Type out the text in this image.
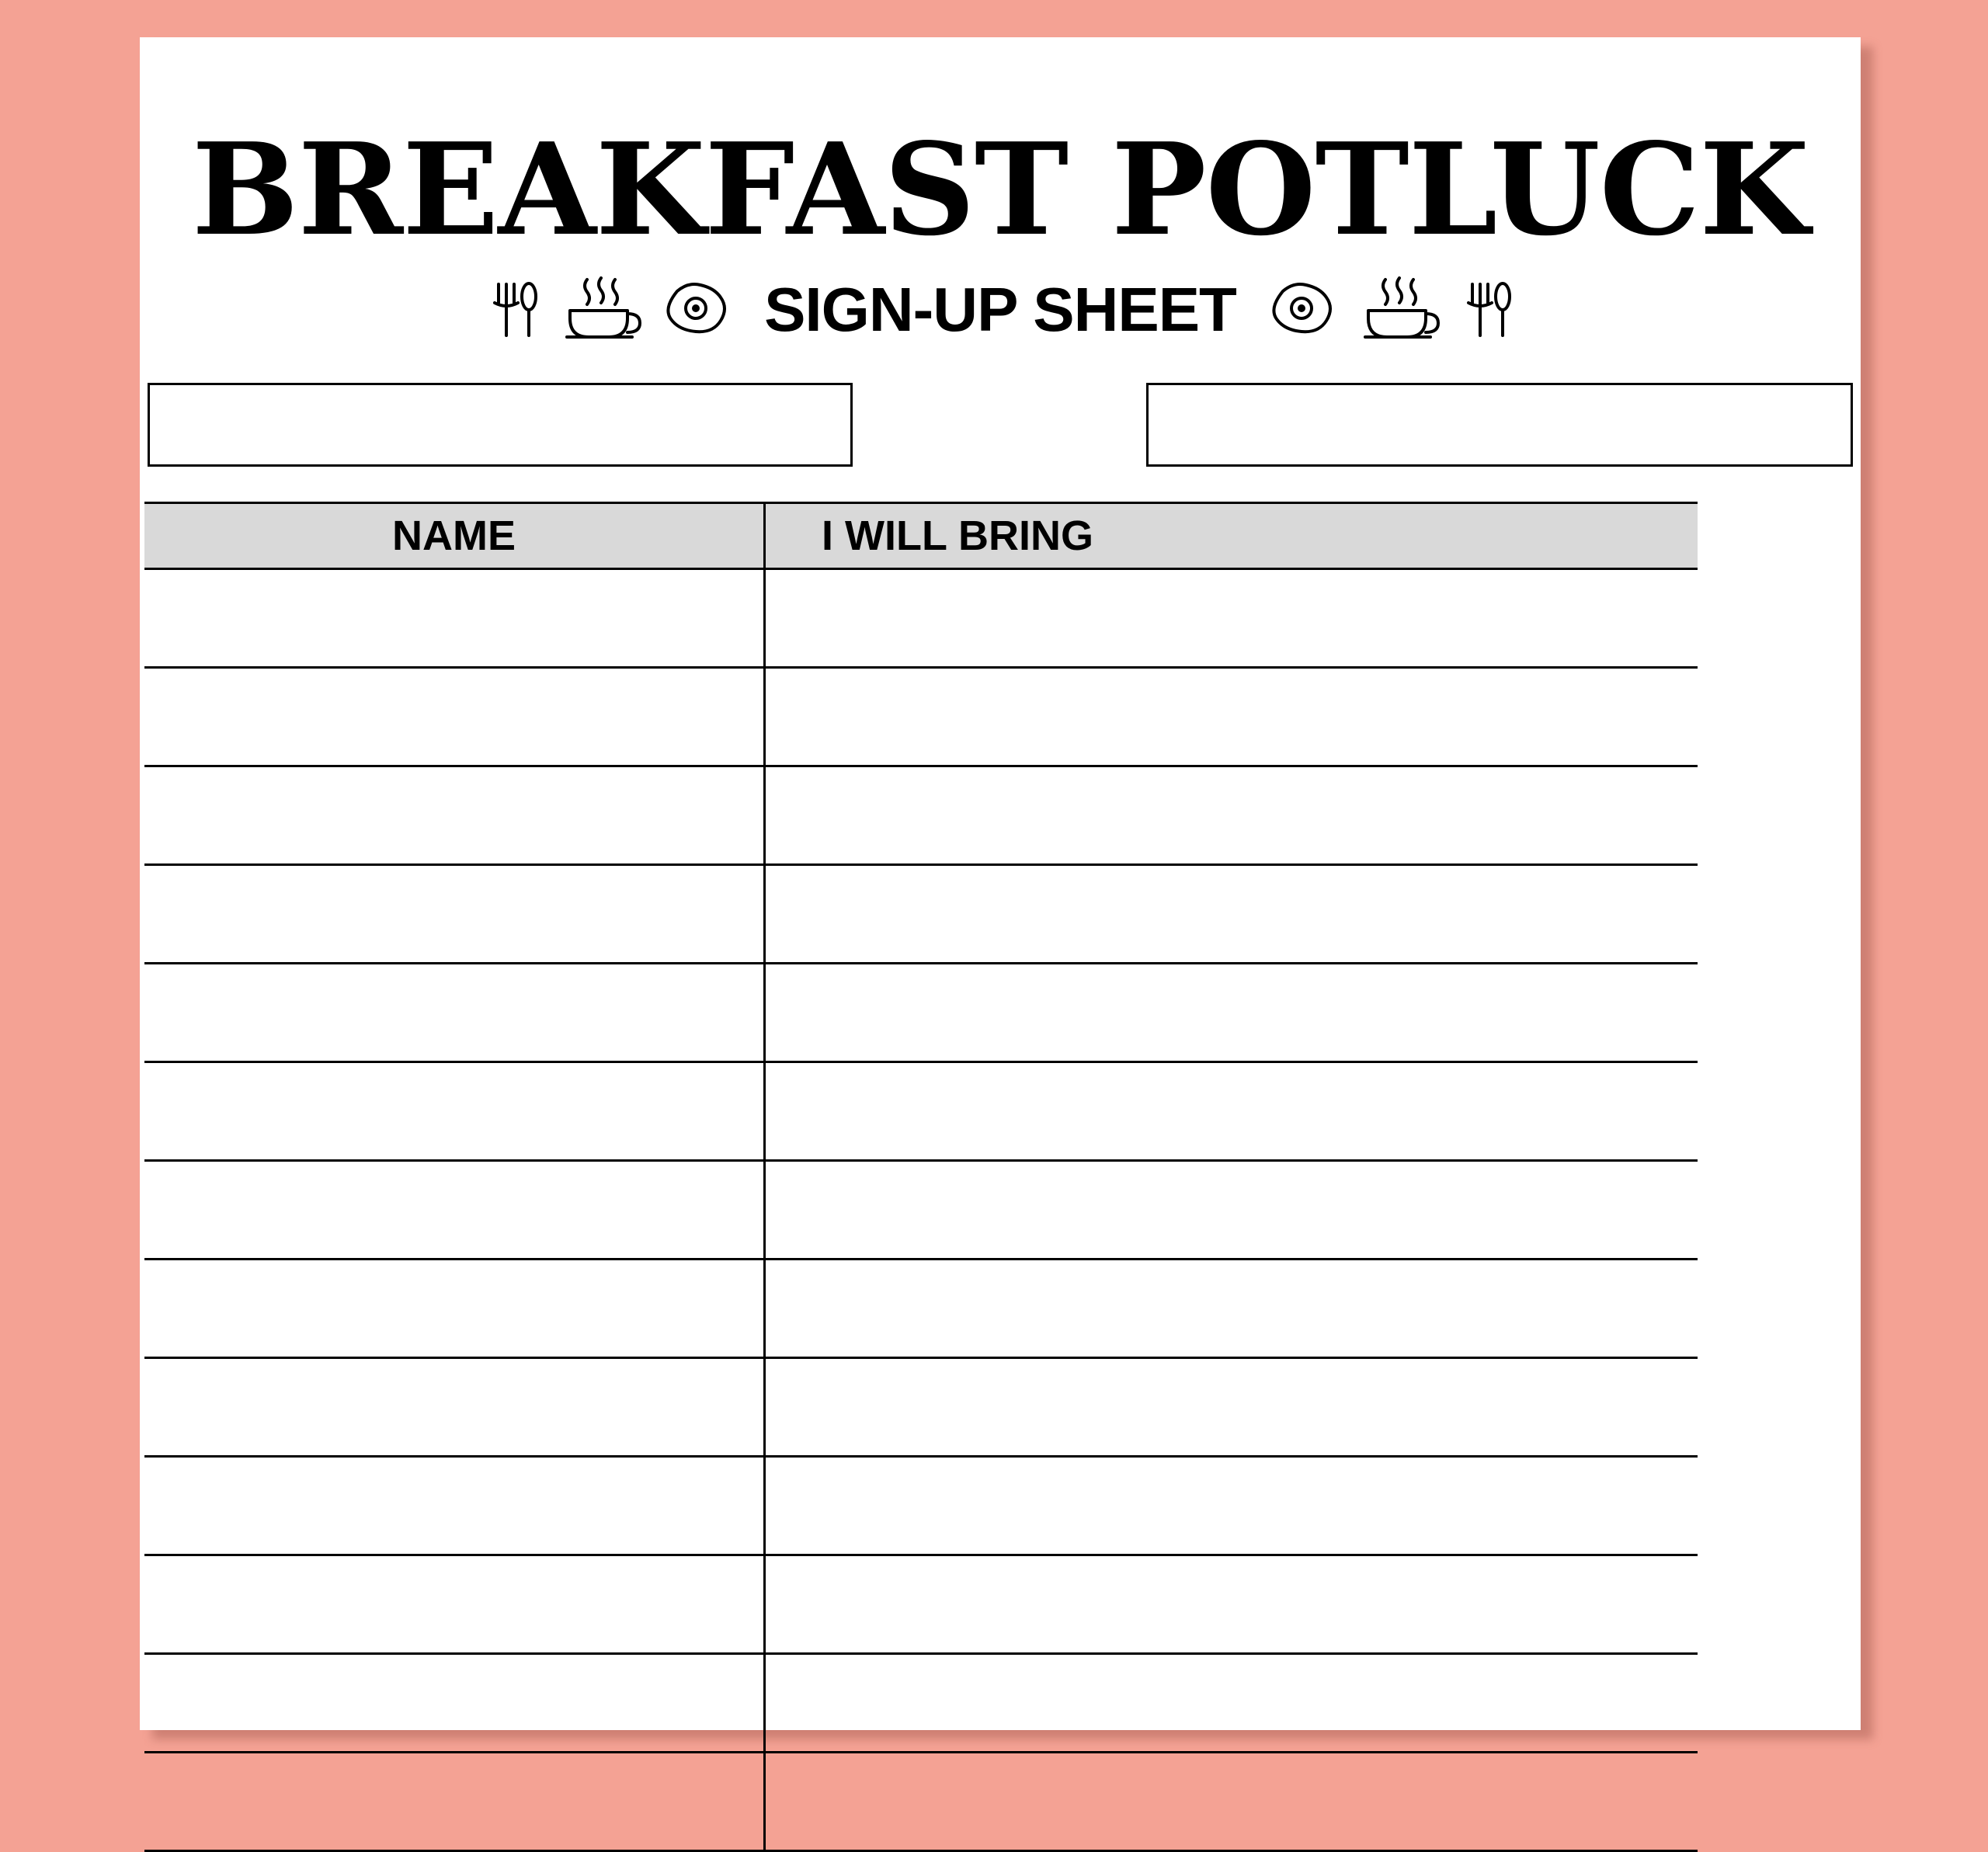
BREAKFAST POTLUCK
SIGN-UP SHEET
NAME	I WILL BRING
